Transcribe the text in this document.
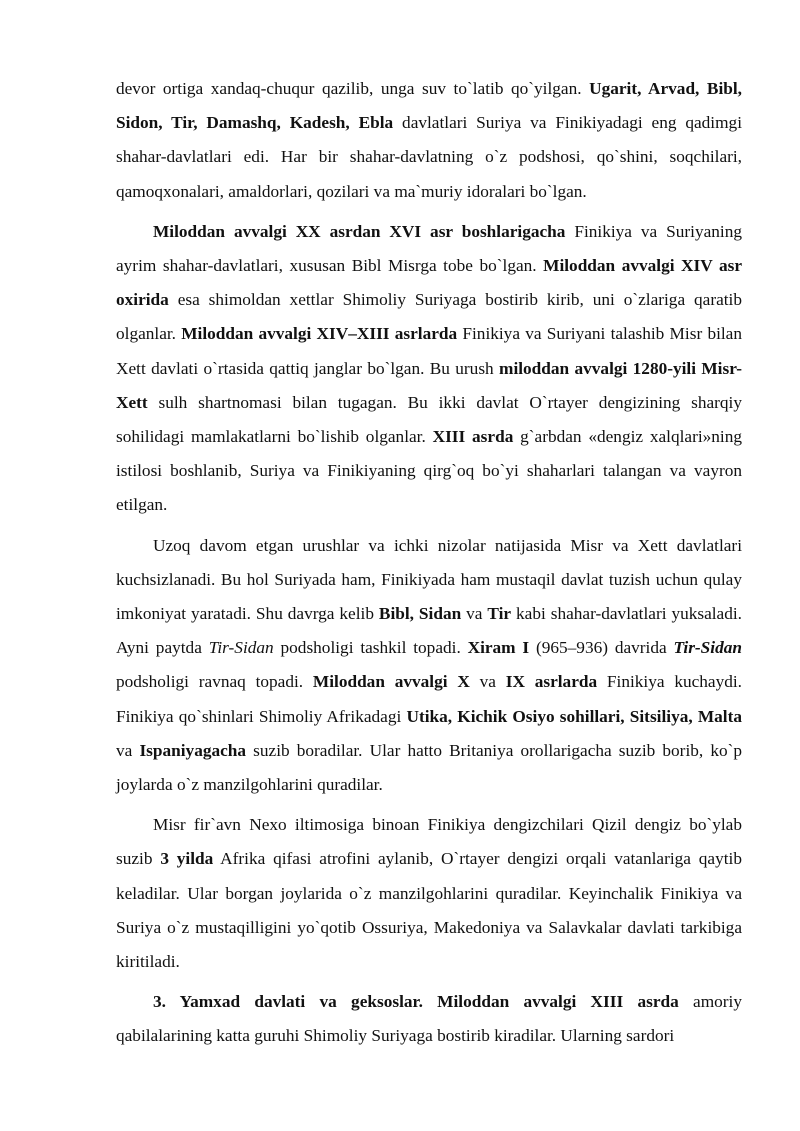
devor ortiga xandaq-chuqur qazilib, unga suv to`latib qo`yilgan. Ugarit, Arvad, Bibl, Sidon, Tir, Damashq, Kadesh, Ebla davlatlari Suriya va Finikiyadagi eng qadimgi shahar-davlatlari edi. Har bir shahar-davlatning o`z podshosi, qo`shini, soqchilari, qamoqxonalari, amaldorlari, qozilari va ma`muriy idoralari bo`lgan.

Miloddan avvalgi XX asrdan XVI asr boshlarigacha Finikiya va Suriyaning ayrim shahar-davlatlari, xususan Bibl Misrga tobe bo`lgan. Miloddan avvalgi XIV asr oxirida esa shimoldan xettlar Shimoliy Suriyaga bostirib kirib, uni o`zlariga qaratib olganlar. Miloddan avvalgi XIV–XIII asrlarda Finikiya va Suriyani talashib Misr bilan Xett davlati o`rtasida qattiq janglar bo`lgan. Bu urush miloddan avvalgi 1280-yili Misr-Xett sulh shartnomasi bilan tugagan. Bu ikki davlat O`rtayer dengizining sharqiy sohilidagi mamlakatlarni bo`lishib olganlar. XIII asrda g`arbdan «dengiz xalqlari»ning istilosi boshlanib, Suriya va Finikiyaning qirg`oq bo`yi shaharlari talangan va vayron etilgan.

Uzoq davom etgan urushlar va ichki nizolar natijasida Misr va Xett davlatlari kuchsizlanadi. Bu hol Suriyada ham, Finikiyada ham mustaqil davlat tuzish uchun qulay imkoniyat yaratadi. Shu davrga kelib Bibl, Sidan va Tir kabi shahar-davlatlari yuksaladi. Ayni paytda Tir-Sidan podsholigi tashkil topadi. Xiram I (965–936) davrida Tir-Sidan podsholigi ravnaq topadi. Miloddan avvalgi X va IX asrlarda Finikiya kuchaydi. Finikiya qo`shinlari Shimoliy Afrikadagi Utika, Kichik Osiyo sohillari, Sitsiliya, Malta va Ispaniyagacha suzib boradilar. Ular hatto Britaniya orollarigacha suzib borib, ko`p joylarda o`z manzilgohlarini quradilar.

Misr fir`avn Nexo iltimosiga binoan Finikiya dengizchilari Qizil dengiz bo`ylab suzib 3 yilda Afrika qifasi atrofini aylanib, O`rtayer dengizi orqali vatanlariga qaytib keladilar. Ular borgan joylarida o`z manzilgohlarini quradilar. Keyinchalik Finikiya va Suriya o`z mustaqilligini yo`qotib Ossuriya, Makedoniya va Salavkalar davlati tarkibiga kiritiladi.

3. Yamxad davlati va geksoslar. Miloddan avvalgi XIII asrda amoriy qabilalarining katta guruhi Shimoliy Suriyaga bostirib kiradilar. Ularning sardori
